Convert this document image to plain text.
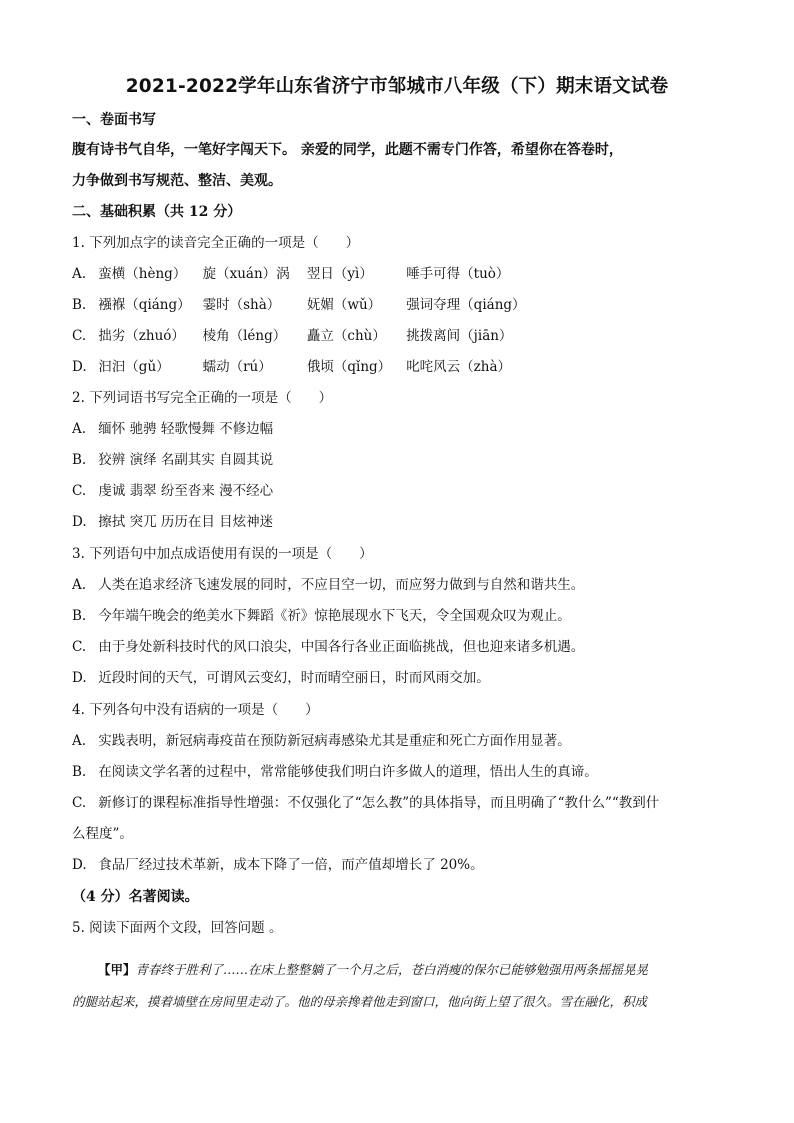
2021-2022学年山东省济宁市邹城市八年级（下）期末语文试卷
一、卷面书写
腹有诗书气自华，一笔好字闯天下。 亲爱的同学，此题不需专门作答，希望你在答卷时，
力争做到书写规范、整洁、美观。
二、基础积累（共 12 分）
1. 下列加点字的读音完全正确的一项是（　　）
A. 蛮横（hèng） 旋（xuán）涡 翌日（yì） 唾手可得（tuò）
B. 襁褓（qiáng） 霎时（shà） 妩媚（wǔ） 强词夺理（qiáng）
C. 拙劣（zhuó） 棱角（léng） 矗立（chù） 挑拨离间（jiān）
D. 汩汩（gǔ） 蠕动（rú）	俄顷（qǐng） 叱咤风云（zhà）
2. 下列词语书写完全正确的一项是（　　）
A. 缅怀 驰骋 轻歌慢舞 不修边幅
B. 狡辨 演绎 名副其实 自圆其说
C. 虔诚 翡翠 纷至沓来 漫不经心
D. 擦拭 突兀 历历在目 目炫神迷
3. 下列语句中加点成语使用有误的一项是（　　）
A. 人类在追求经济飞速发展的同时，不应目空一切，而应努力做到与自然和谐共生。
B. 今年端午晚会的绝美水下舞蹈《祈》惊艳展现水下飞天，令全国观众叹为观止。
C. 由于身处新科技时代的风口浪尖，中国各行各业正面临挑战，但也迎来诸多机遇。
D. 近段时间的天气，可谓风云变幻，时而晴空丽日，时而风雨交加。
4. 下列各句中没有语病的一项是（　　）
A. 实践表明，新冠病毒疫苗在预防新冠病毒感染尤其是重症和死亡方面作用显著。
B. 在阅读文学名著的过程中，常常能够使我们明白许多做人的道理，悟出人生的真谛。
C. 新修订的课程标准指导性增强：不仅强化了“怎么教”的具体指导，而且明确了“教什么”“教到什
么程度”。
D. 食品厂经过技术革新，成本下降了一倍，而产值却增长了 20%。
（4 分）名著阅读。
5. 阅读下面两个文段，回答问题 。
【甲】青春终于胜利了……在床上整整躺了一个月之后，苍白消瘦的保尔已能够勉强用两条摇摇晃晃
的腿站起来，摸着墙壁在房间里走动了。他的母亲搀着他走到窗口，他向街上望了很久。雪在融化，积成
